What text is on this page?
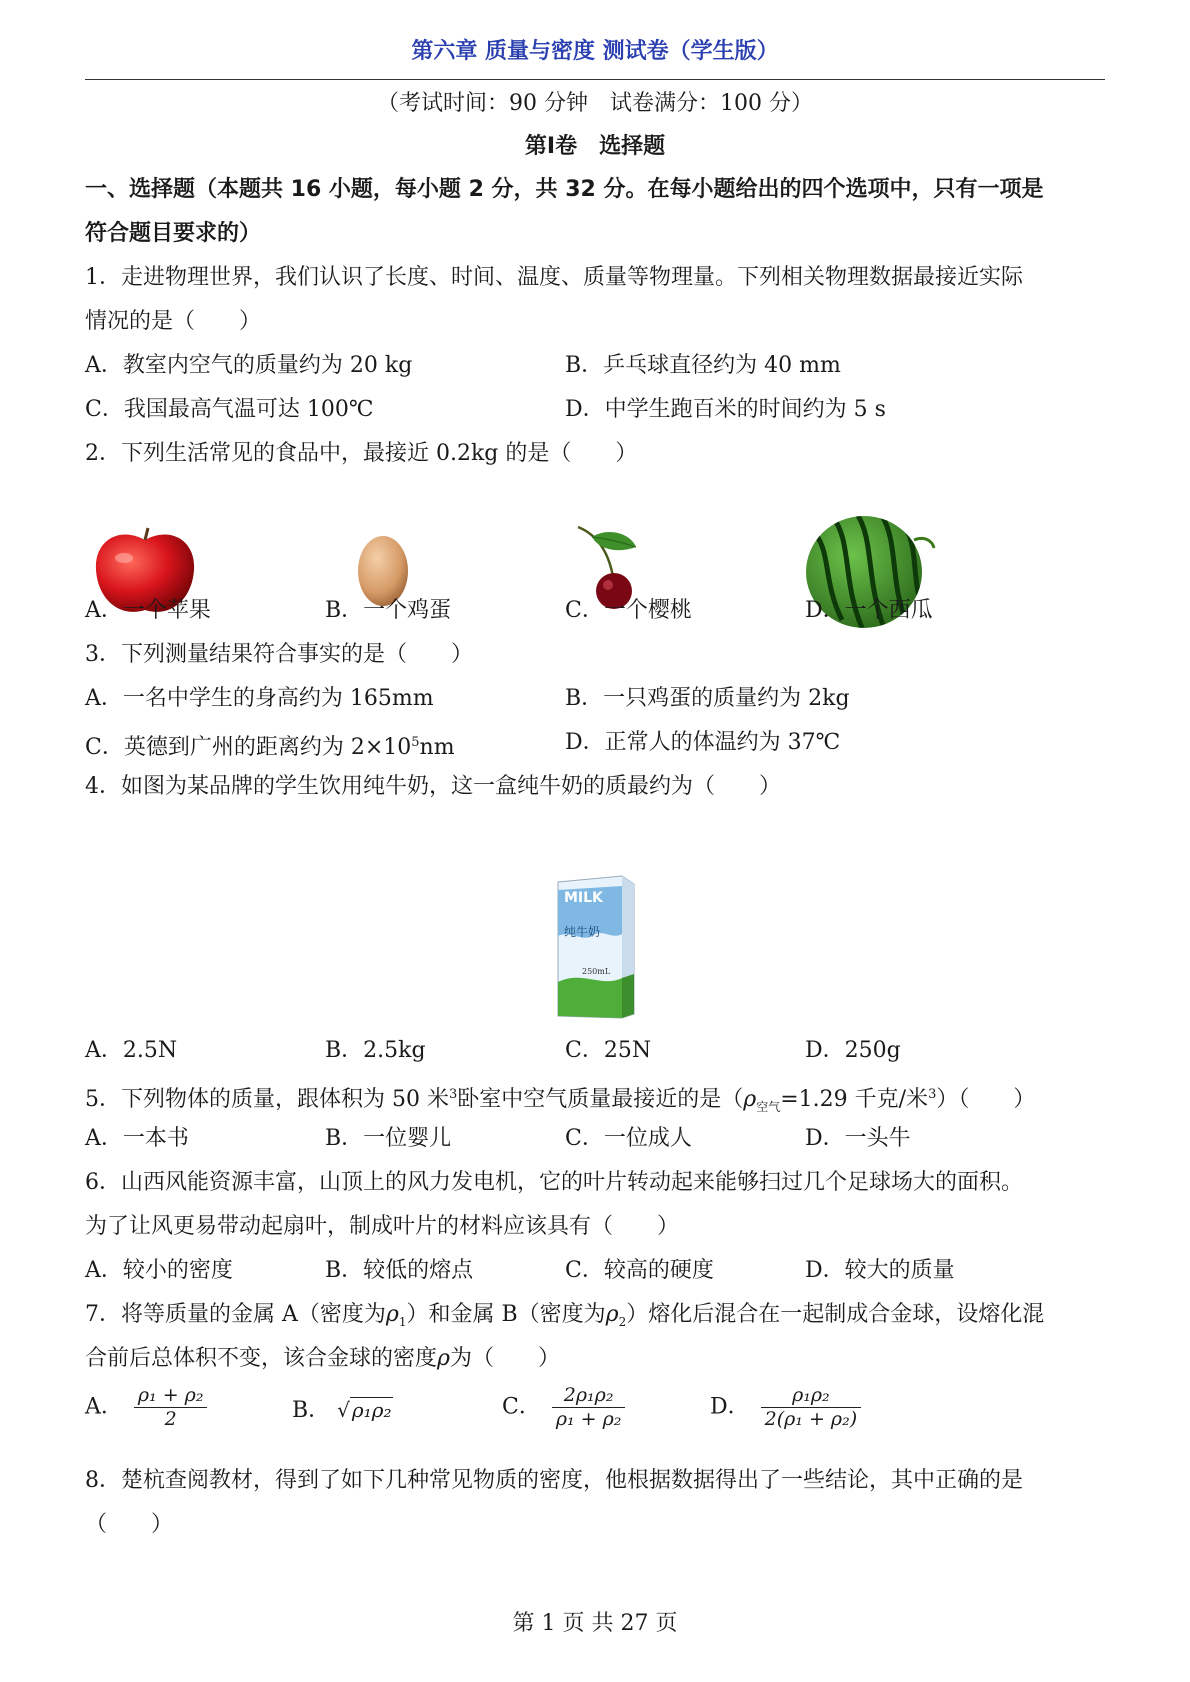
第六章 质量与密度 测试卷（学生版）
（考试时间：90 分钟　试卷满分：100 分）
第Ⅰ卷　选择题
一、选择题（本题共 16 小题，每小题 2 分，共 32 分。在每小题给出的四个选项中，只有一项是
符合题目要求的）
1．走进物理世界，我们认识了长度、时间、温度、质量等物理量。下列相关物理数据最接近实际
情况的是（　　）
A．教室内空气的质量约为 20 kg	B．乒乓球直径约为 40 mm
C．我国最高气温可达 100℃	D．中学生跑百米的时间约为 5 s
2．下列生活常见的食品中，最接近 0.2kg 的是（　　）
A．一个苹果	B．一个鸡蛋	C．一个樱桃	D．一个西瓜
3．下列测量结果符合事实的是（　　）
A．一名中学生的身高约为 165mm	B．一只鸡蛋的质量约为 2kg
C．英德到广州的距离约为 $2\times 10^5nm$	D．正常人的体温约为 37℃
4．如图为某品牌的学生饮用纯牛奶，这一盒纯牛奶的质最约为（　　）
MILK
纯牛奶
250mL
A．2.5N	B．2.5kg	C．25N	D．250g
5．下列物体的质量，跟体积为 50 米$^3$卧室中空气质量最接近的是（$\rho_{空气}=1.29$ 千克/米$^3$）（　　）
A．一本书	B．一位婴儿	C．一位成人	D．一头牛
6．山西风能资源丰富，山顶上的风力发电机，它的叶片转动起来能够扫过几个足球场大的面积。
为了让风更易带动起扇叶，制成叶片的材料应该具有（　　）
A．较小的密度	B．较低的熔点	C．较高的硬度	D．较大的质量
7．将等质量的金属 A（密度为$\rho_1$）和金属 B（密度为$\rho_2$）熔化后混合在一起制成合金球，设熔化混
合前后总体积不变，该合金球的密度ρ为（　　）
A． $\frac{\text{ρ₁ + ρ₂}}{2}$	B． √ ρ₁ρ₂	C． $\frac{\text{2ρ₁ρ₂}}{\text{ρ₁ + ρ₂}}$	D． $\frac{\text{ρ₁ρ₂}}{\text{2(ρ₁ + ρ₂)}}$
8．楚杭查阅教材，得到了如下几种常见物质的密度，他根据数据得出了一些结论，其中正确的是
（　　）
第 1 页 共 27 页
